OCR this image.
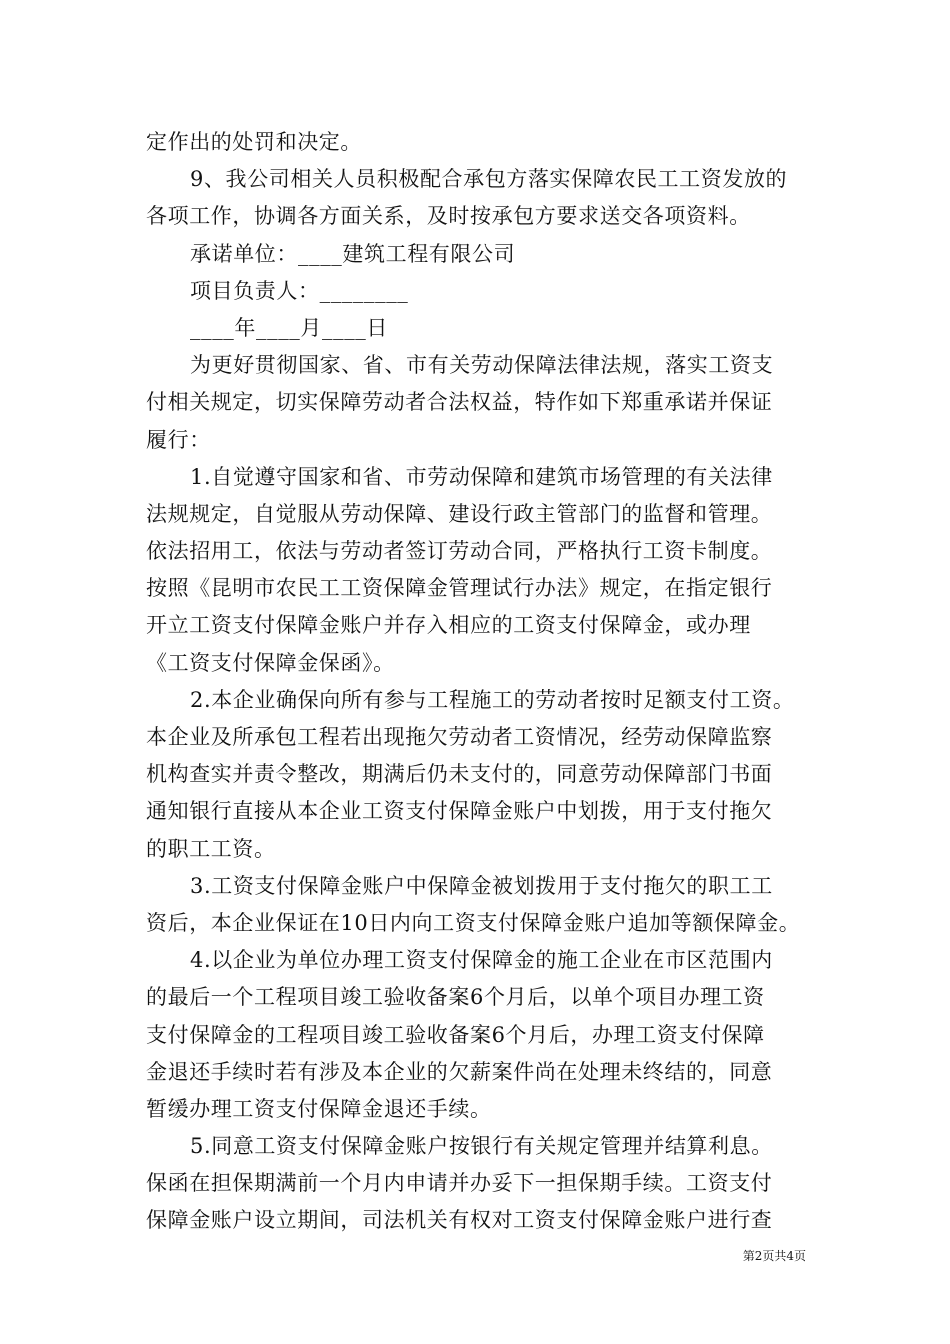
定作出的处罚和决定。
9、我公司相关人员积极配合承包方落实保障农民工工资发放的
各项工作，协调各方面关系，及时按承包方要求送交各项资料。
承诺单位：____建筑工程有限公司
项目负责人：________
____年____月____日
为更好贯彻国家、省、市有关劳动保障法律法规，落实工资支
付相关规定，切实保障劳动者合法权益，特作如下郑重承诺并保证
履行：
1.自觉遵守国家和省、市劳动保障和建筑市场管理的有关法律
法规规定，自觉服从劳动保障、建设行政主管部门的监督和管理。
依法招用工，依法与劳动者签订劳动合同，严格执行工资卡制度。
按照《昆明市农民工工资保障金管理试行办法》规定，在指定银行
开立工资支付保障金账户并存入相应的工资支付保障金，或办理
《工资支付保障金保函》。
2.本企业确保向所有参与工程施工的劳动者按时足额支付工资。
本企业及所承包工程若出现拖欠劳动者工资情况，经劳动保障监察
机构查实并责令整改，期满后仍未支付的，同意劳动保障部门书面
通知银行直接从本企业工资支付保障金账户中划拨，用于支付拖欠
的职工工资。
3.工资支付保障金账户中保障金被划拨用于支付拖欠的职工工
资后，本企业保证在10日内向工资支付保障金账户追加等额保障金。
4.以企业为单位办理工资支付保障金的施工企业在市区范围内
的最后一个工程项目竣工验收备案6个月后，以单个项目办理工资
支付保障金的工程项目竣工验收备案6个月后，办理工资支付保障
金退还手续时若有涉及本企业的欠薪案件尚在处理未终结的，同意
暂缓办理工资支付保障金退还手续。
5.同意工资支付保障金账户按银行有关规定管理并结算利息。
保函在担保期满前一个月内申请并办妥下一担保期手续。工资支付
保障金账户设立期间，司法机关有权对工资支付保障金账户进行查
第2页共4页
